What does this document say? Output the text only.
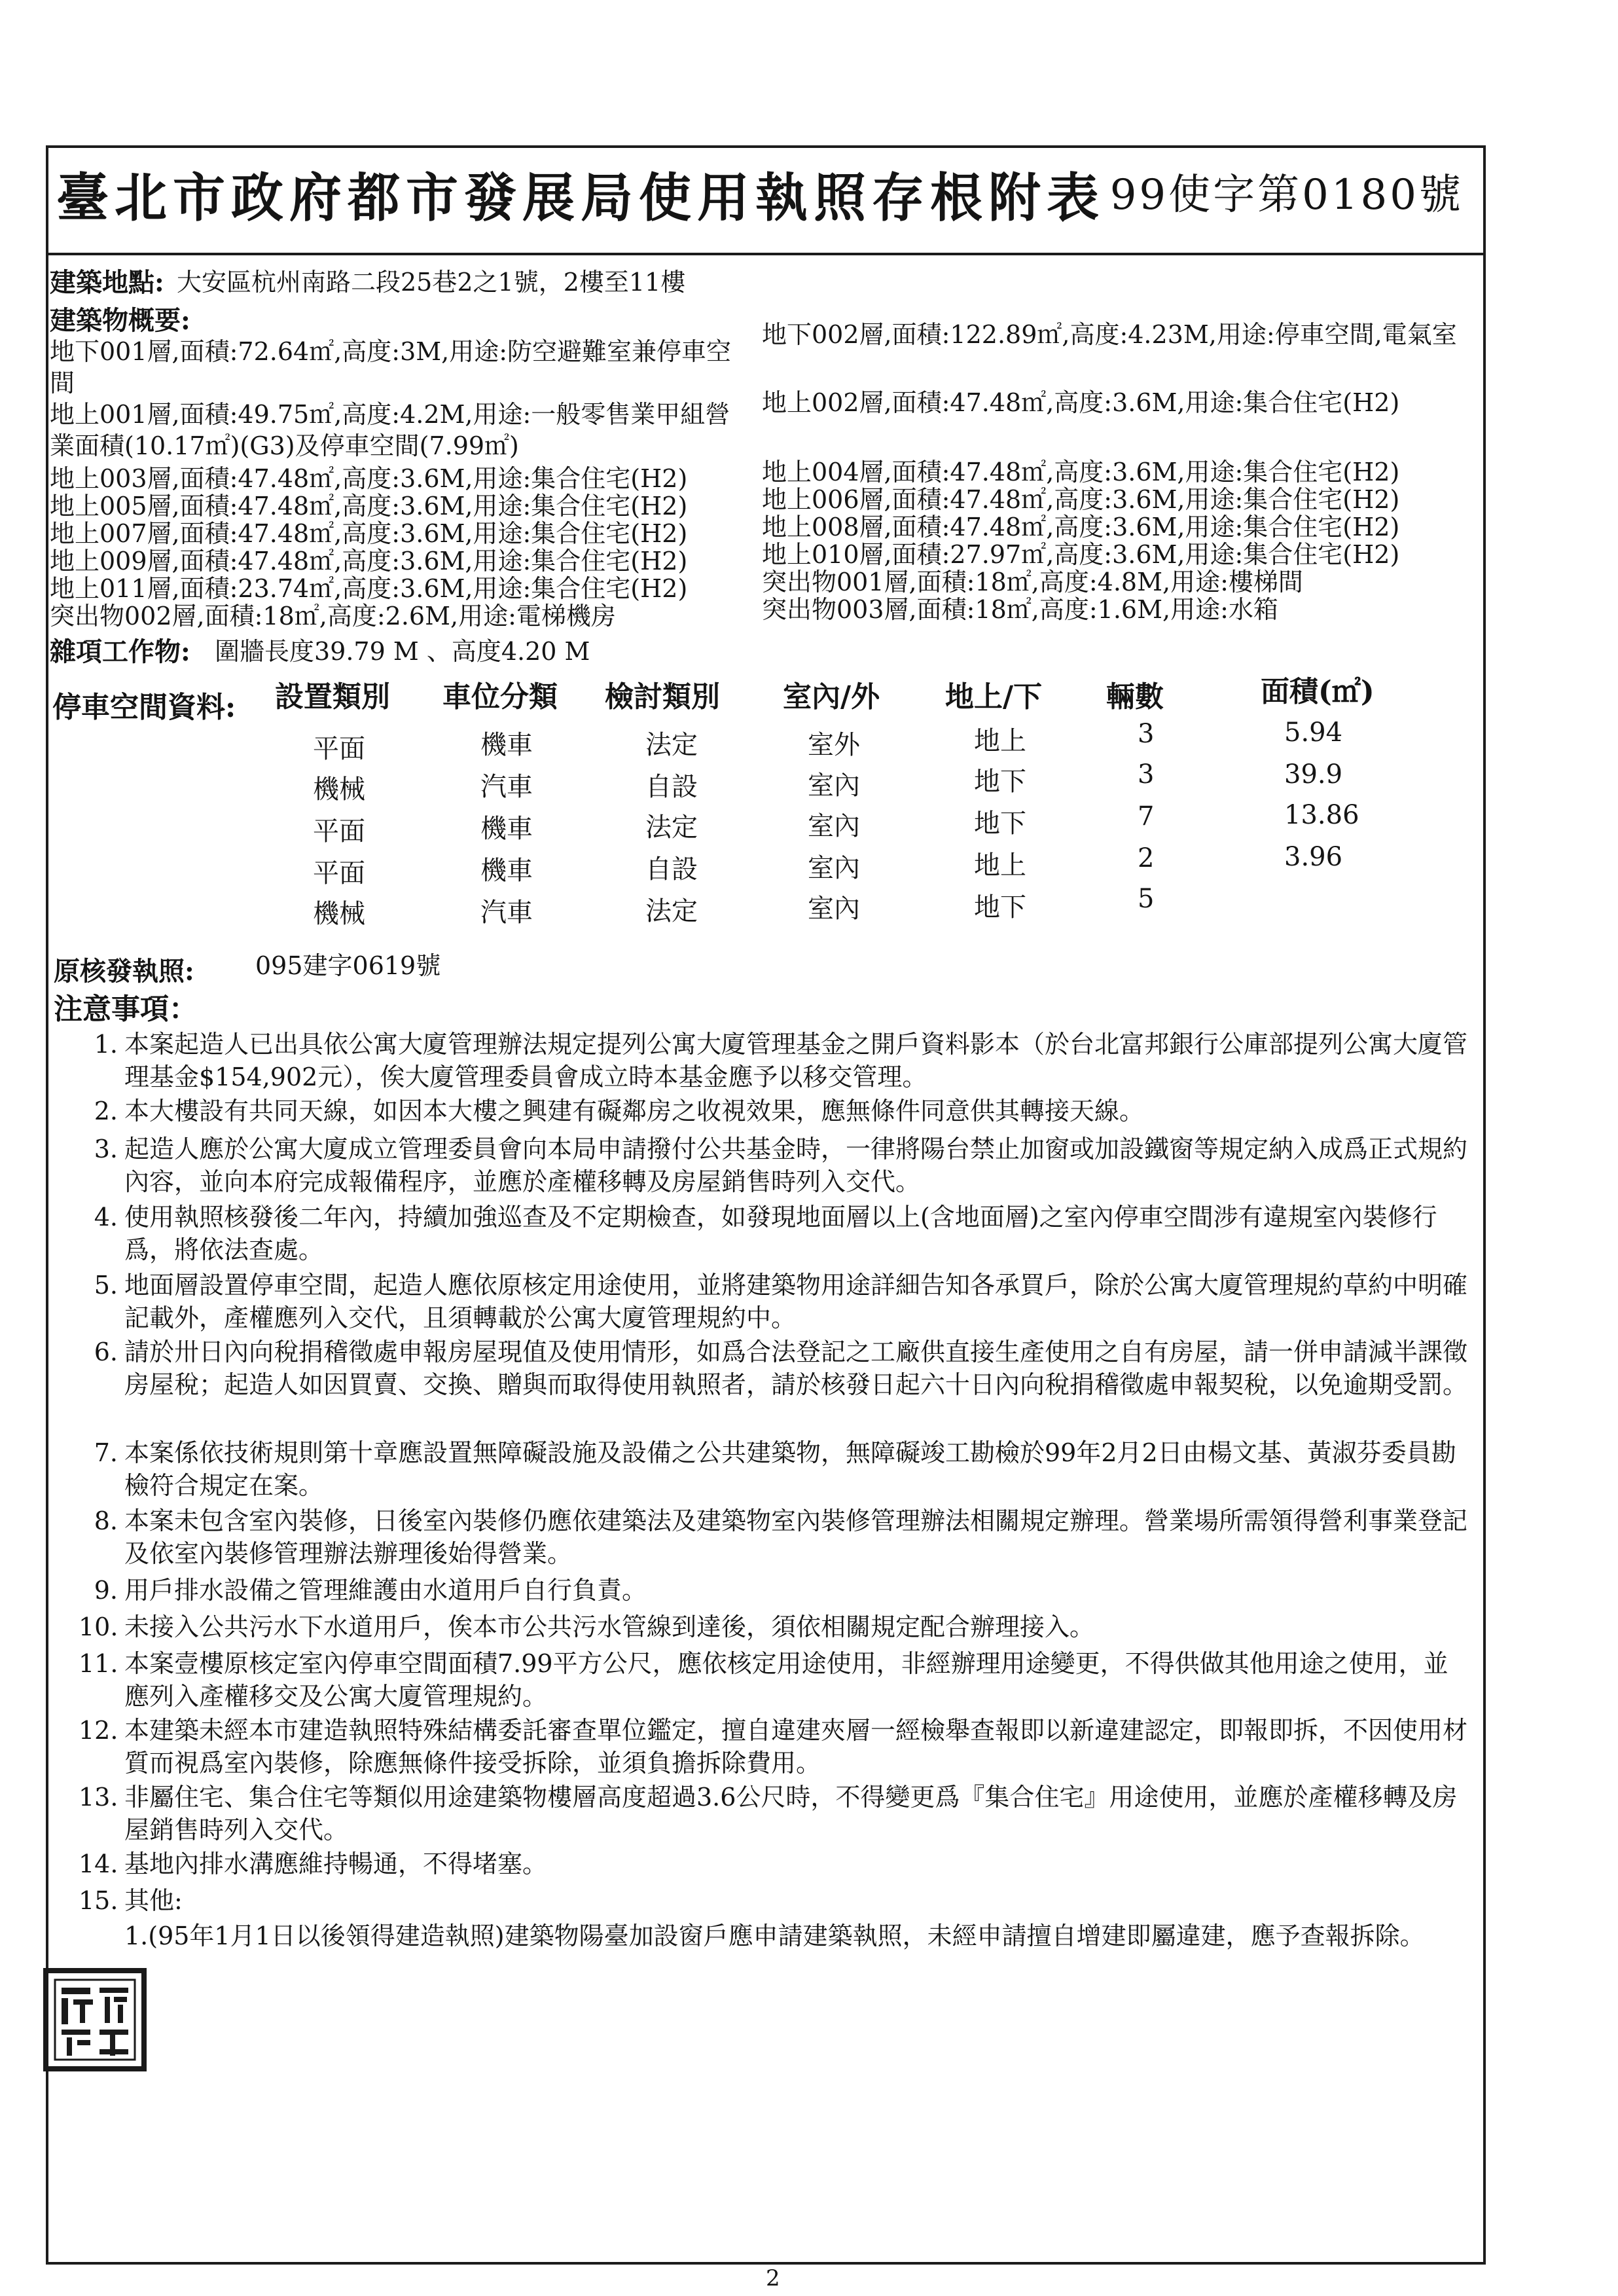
臺北市政府都市發展局使用執照存根附表 99使字第0180號
建築地點: 大安區杭州南路二段25巷2之1號，2樓至11樓
建築物概要:
地下001層,面積:72.64㎡,高度:3M,用途:防空避難室兼停車空
間
地上001層,面積:49.75㎡,高度:4.2M,用途:一般零售業甲組營
業面積(10.17㎡)(G3)及停車空間(7.99㎡)
地上003層,面積:47.48㎡,高度:3.6M,用途:集合住宅(H2)
地上005層,面積:47.48㎡,高度:3.6M,用途:集合住宅(H2)
地上007層,面積:47.48㎡,高度:3.6M,用途:集合住宅(H2)
地上009層,面積:47.48㎡,高度:3.6M,用途:集合住宅(H2)
地上011層,面積:23.74㎡,高度:3.6M,用途:集合住宅(H2)
突出物002層,面積:18㎡,高度:2.6M,用途:電梯機房
地下002層,面積:122.89㎡,高度:4.23M,用途:停車空間,電氣室
地上002層,面積:47.48㎡,高度:3.6M,用途:集合住宅(H2)
地上004層,面積:47.48㎡,高度:3.6M,用途:集合住宅(H2)
地上006層,面積:47.48㎡,高度:3.6M,用途:集合住宅(H2)
地上008層,面積:47.48㎡,高度:3.6M,用途:集合住宅(H2)
地上010層,面積:27.97㎡,高度:3.6M,用途:集合住宅(H2)
突出物001層,面積:18㎡,高度:4.8M,用途:樓梯間
突出物003層,面積:18㎡,高度:1.6M,用途:水箱
雜項工作物: 圍牆長度39.79 M 、高度4.20 M
停車空間資料: 設置類別 車位分類 檢討類別 室內/外 地上/下 輛數	面積(㎡)
平面	機車	法定	室外	地上	3	5.94
機械	汽車	自設	室內	地下	3	39.9
平面	機車	法定	室內	地下	7	13.86
平面	機車	自設	室內	地上	2	3.96
機械	汽車	法定	室內	地下	5
原核發執照: 095建字0619號
注意事項：
1. 本案起造人已出具依公寓大廈管理辦法規定提列公寓大廈管理基金之開戶資料影本（於台北富邦銀行公庫部提列公寓大廈管理基金$154,902元），俟大廈管理委員會成立時本基金應予以移交管理。
2. 本大樓設有共同天線，如因本大樓之興建有礙鄰房之收視效果，應無條件同意供其轉接天線。
3. 起造人應於公寓大廈成立管理委員會向本局申請撥付公共基金時，一律將陽台禁止加窗或加設鐵窗等規定納入成爲正式規約內容，並向本府完成報備程序，並應於產權移轉及房屋銷售時列入交代。
4. 使用執照核發後二年內，持續加強巡查及不定期檢查，如發現地面層以上(含地面層)之室內停車空間涉有違規室內裝修行爲，將依法查處。
5. 地面層設置停車空間，起造人應依原核定用途使用，並將建築物用途詳細告知各承買戶，除於公寓大廈管理規約草約中明確記載外，產權應列入交代，且須轉載於公寓大廈管理規約中。
6. 請於卅日內向稅捐稽徵處申報房屋現值及使用情形，如爲合法登記之工廠供直接生產使用之自有房屋，請一併申請減半課徵房屋稅；起造人如因買賣、交換、贈與而取得使用執照者，請於核發日起六十日內向稅捐稽徵處申報契稅，以免逾期受罰。
7. 本案係依技術規則第十章應設置無障礙設施及設備之公共建築物，無障礙竣工勘檢於99年2月2日由楊文基、黃淑芬委員勘檢符合規定在案。
8. 本案未包含室內裝修，日後室內裝修仍應依建築法及建築物室內裝修管理辦法相關規定辦理。營業場所需領得營利事業登記及依室內裝修管理辦法辦理後始得營業。
9. 用戶排水設備之管理維護由水道用戶自行負責。
10. 未接入公共污水下水道用戶，俟本市公共污水管線到達後，須依相關規定配合辦理接入。
11. 本案壹樓原核定室內停車空間面積7.99平方公尺，應依核定用途使用，非經辦理用途變更，不得供做其他用途之使用，並應列入產權移交及公寓大廈管理規約。
12. 本建築未經本市建造執照特殊結構委託審查單位鑑定，擅自違建夾層一經檢舉查報即以新違建認定，即報即拆，不因使用材質而視爲室內裝修，除應無條件接受拆除，並須負擔拆除費用。
13. 非屬住宅、集合住宅等類似用途建築物樓層高度超過3.6公尺時，不得變更爲『集合住宅』用途使用，並應於產權移轉及房屋銷售時列入交代。
14. 基地內排水溝應維持暢通，不得堵塞。
15. 其他:
1.(95年1月1日以後領得建造執照)建築物陽臺加設窗戶應申請建築執照，未經申請擅自增建即屬違建，應予查報拆除。
2
